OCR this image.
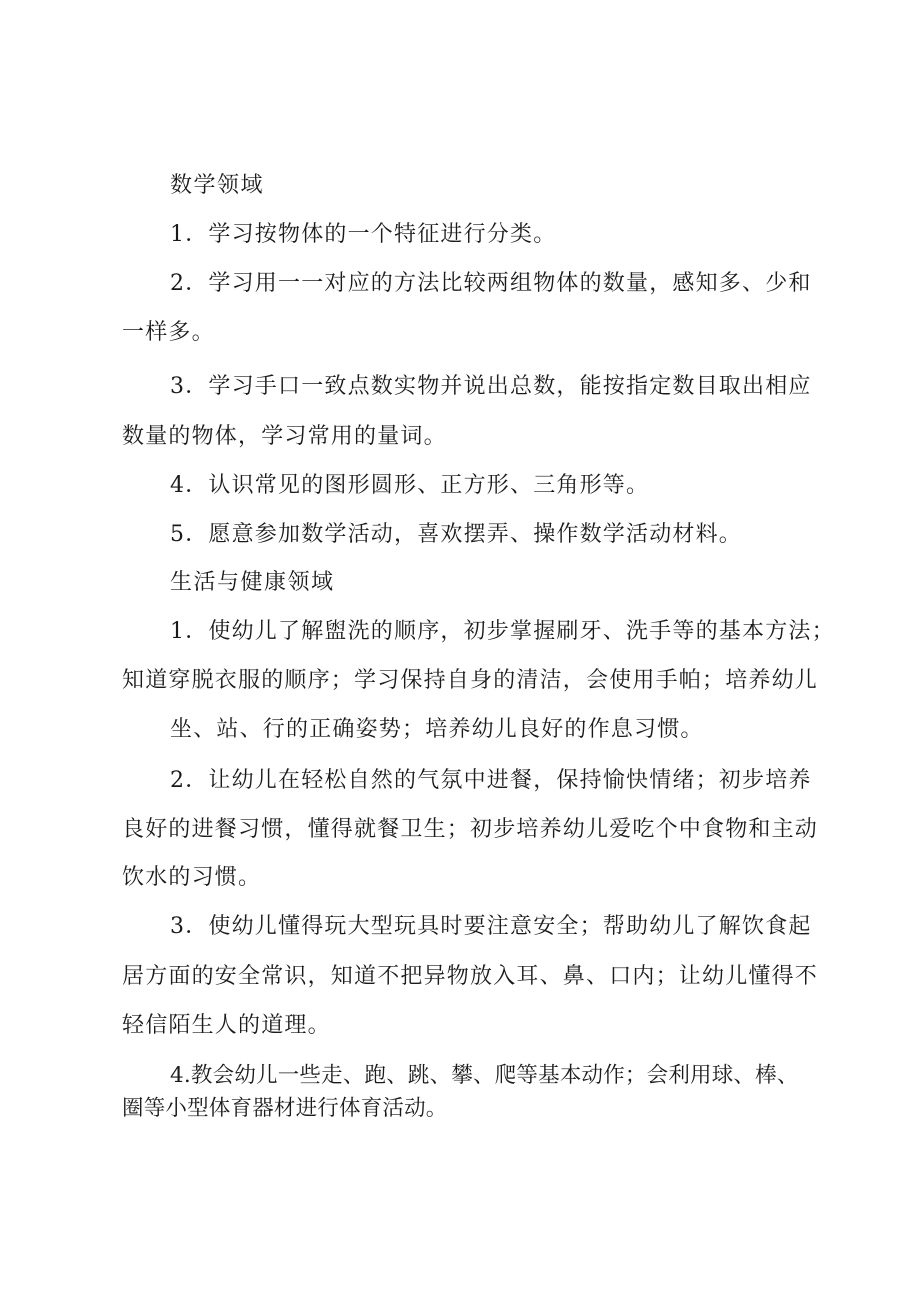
数学领域
1．学习按物体的一个特征进行分类。
2．学习用一一对应的方法比较两组物体的数量，感知多、少和
一样多。
3．学习手口一致点数实物并说出总数，能按指定数目取出相应
数量的物体，学习常用的量词。
4．认识常见的图形圆形、正方形、三角形等。
5．愿意参加数学活动，喜欢摆弄、操作数学活动材料。
生活与健康领域
1．使幼儿了解盥洗的顺序，初步掌握刷牙、洗手等的基本方法；
知道穿脱衣服的顺序；学习保持自身的清洁，会使用手帕；培养幼儿
坐、站、行的正确姿势；培养幼儿良好的作息习惯。
2．让幼儿在轻松自然的气氛中进餐，保持愉快情绪；初步培养
良好的进餐习惯，懂得就餐卫生；初步培养幼儿爱吃个中食物和主动
饮水的习惯。
3．使幼儿懂得玩大型玩具时要注意安全；帮助幼儿了解饮食起
居方面的安全常识，知道不把异物放入耳、鼻、口内；让幼儿懂得不
轻信陌生人的道理。
4.教会幼儿一些走、跑、跳、攀、爬等基本动作；会利用球、棒、
圈等小型体育器材进行体育活动。
